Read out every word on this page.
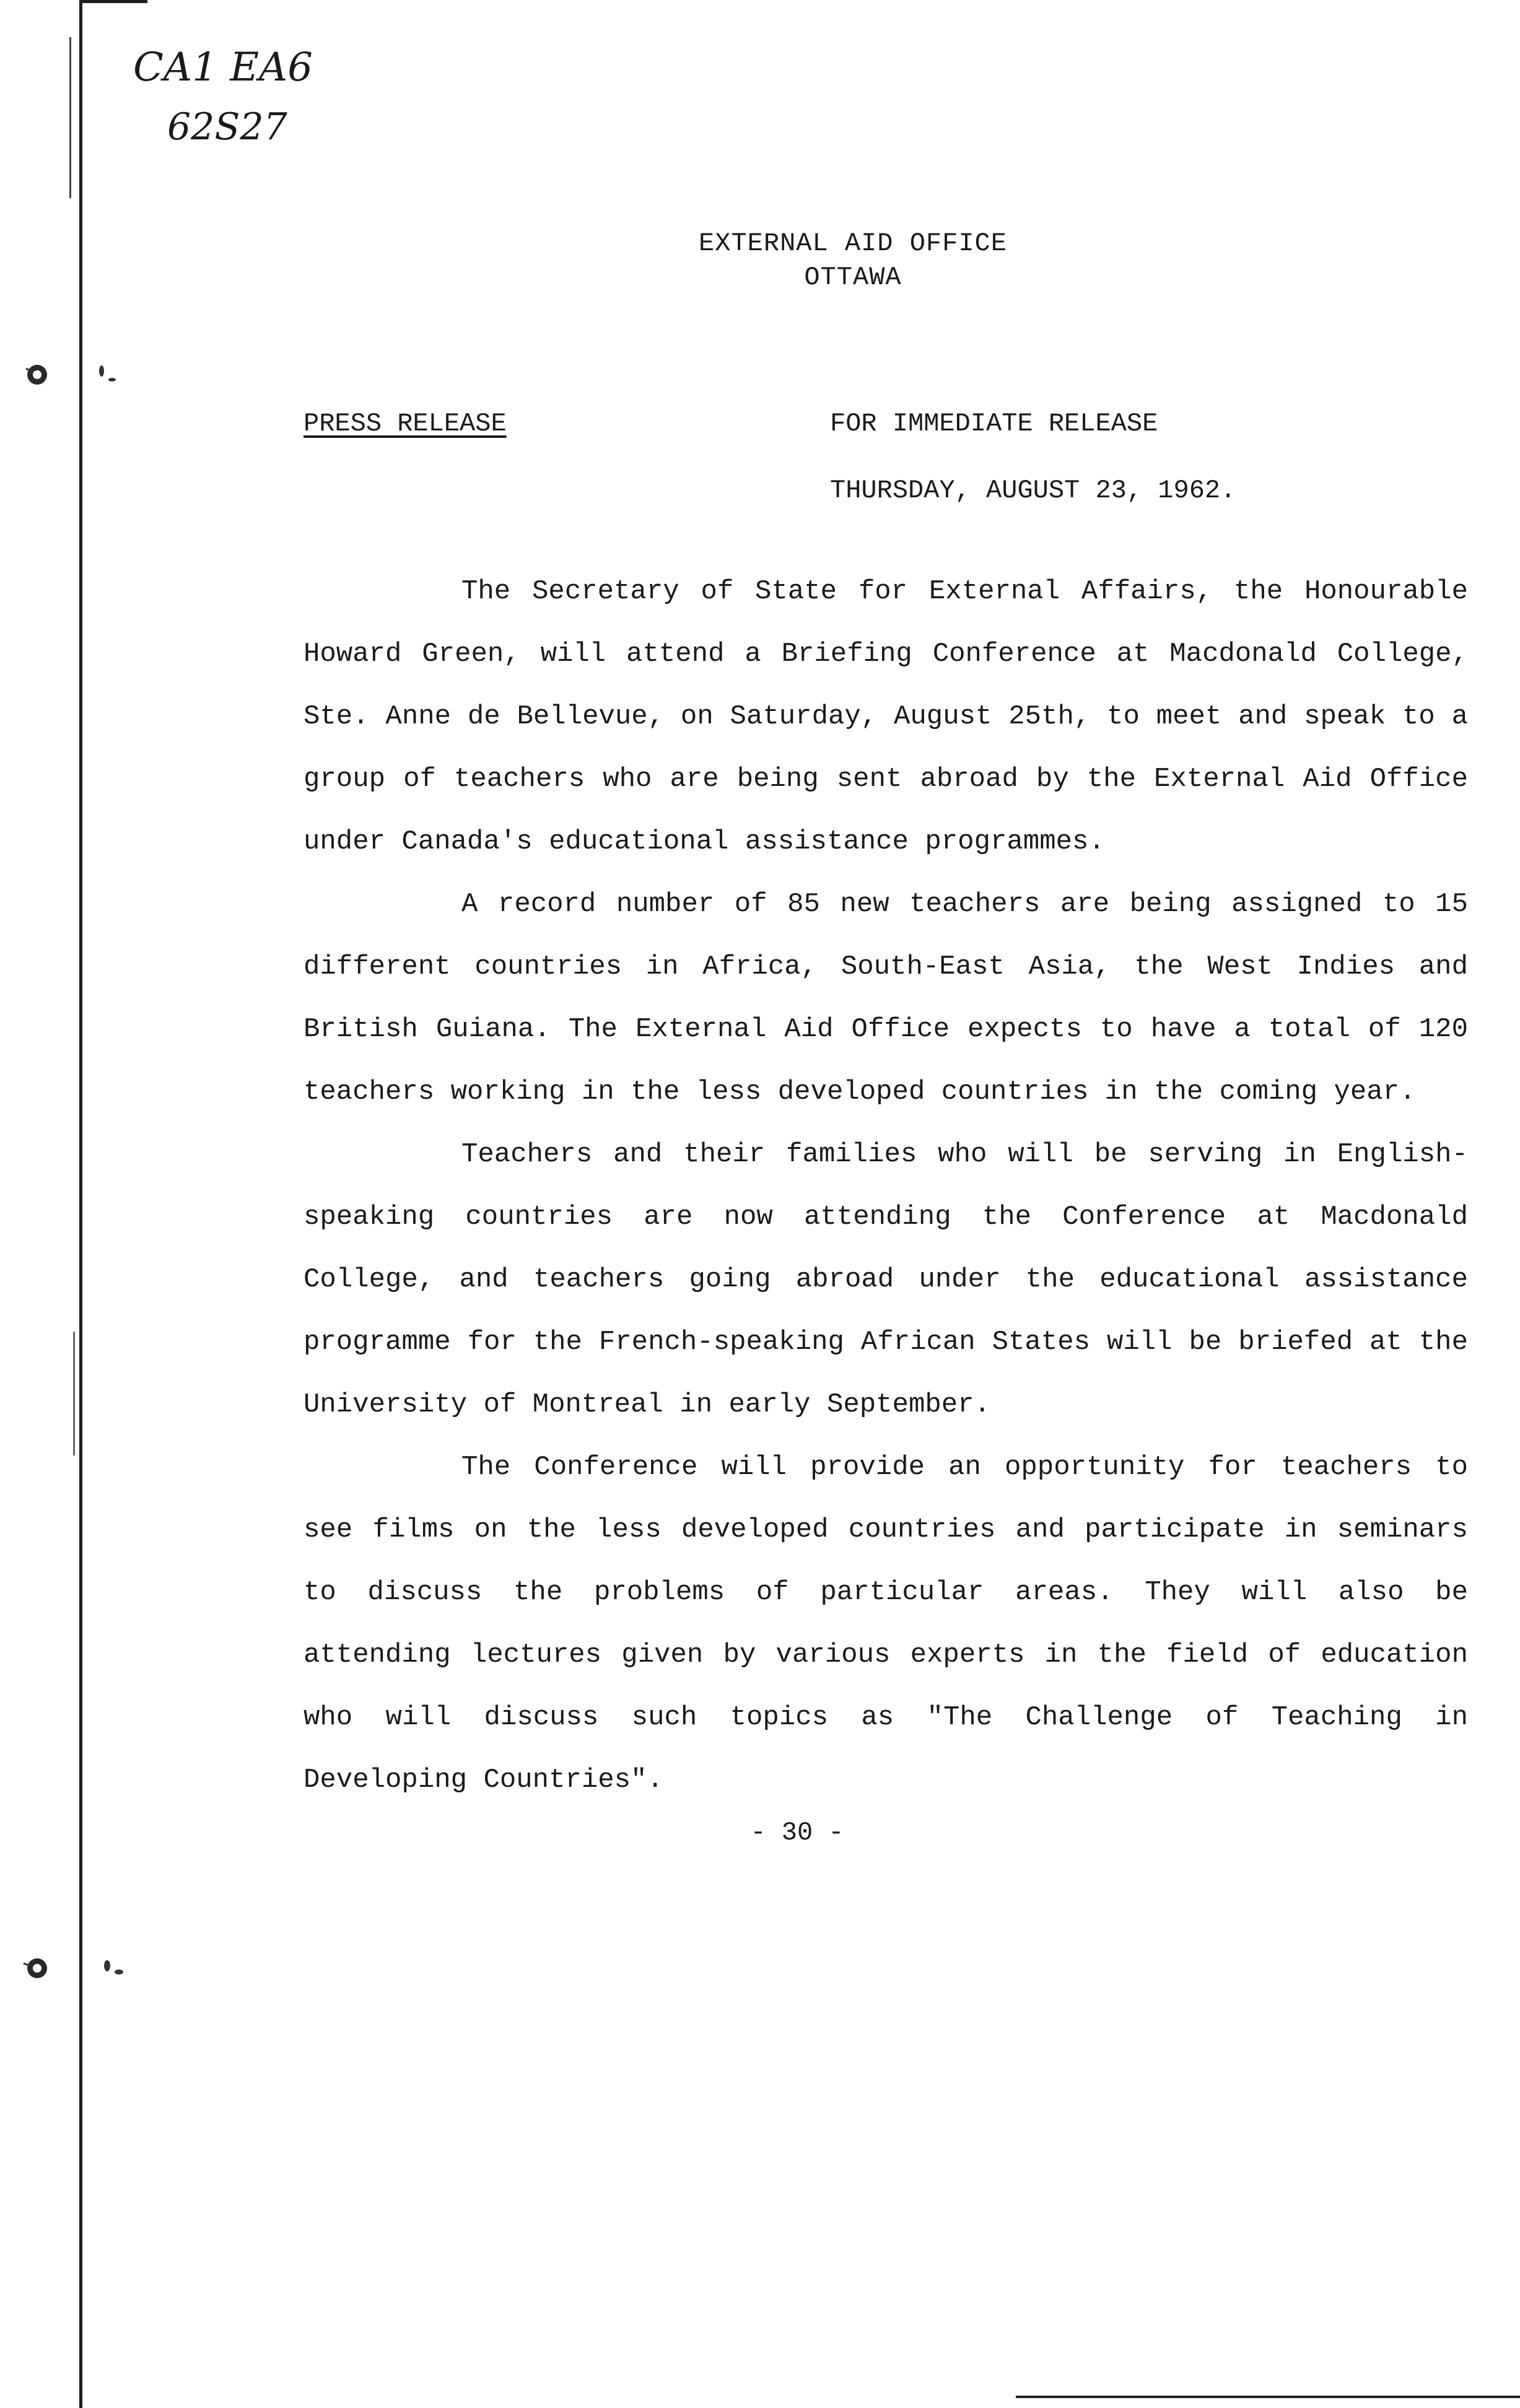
CA1 EA6
62S27
EXTERNAL AID OFFICE
OTTAWA
PRESS RELEASE	FOR IMMEDIATE RELEASE
THURSDAY, AUGUST 23, 1962.

The Secretary of State for External Affairs, the Honourable Howard Green, will attend a Briefing Conference at Macdonald College, Ste. Anne de Bellevue, on Saturday, August 25th, to meet and speak to a group of teachers who are being sent abroad by the External Aid Office under Canada's educational assistance programmes.

A record number of 85 new teachers are being assigned to 15 different countries in Africa, South-East Asia, the West Indies and British Guiana. The External Aid Office expects to have a total of 120 teachers working in the less developed countries in the coming year.

Teachers and their families who will be serving in English-speaking countries are now attending the Conference at Macdonald College, and teachers going abroad under the educational assistance programme for the French-speaking African States will be briefed at the University of Montreal in early September.

The Conference will provide an opportunity for teachers to see films on the less developed countries and participate in seminars to discuss the problems of particular areas. They will also be attending lectures given by various experts in the field of education who will discuss such topics as "The Challenge of Teaching in Developing Countries".

- 30 -
